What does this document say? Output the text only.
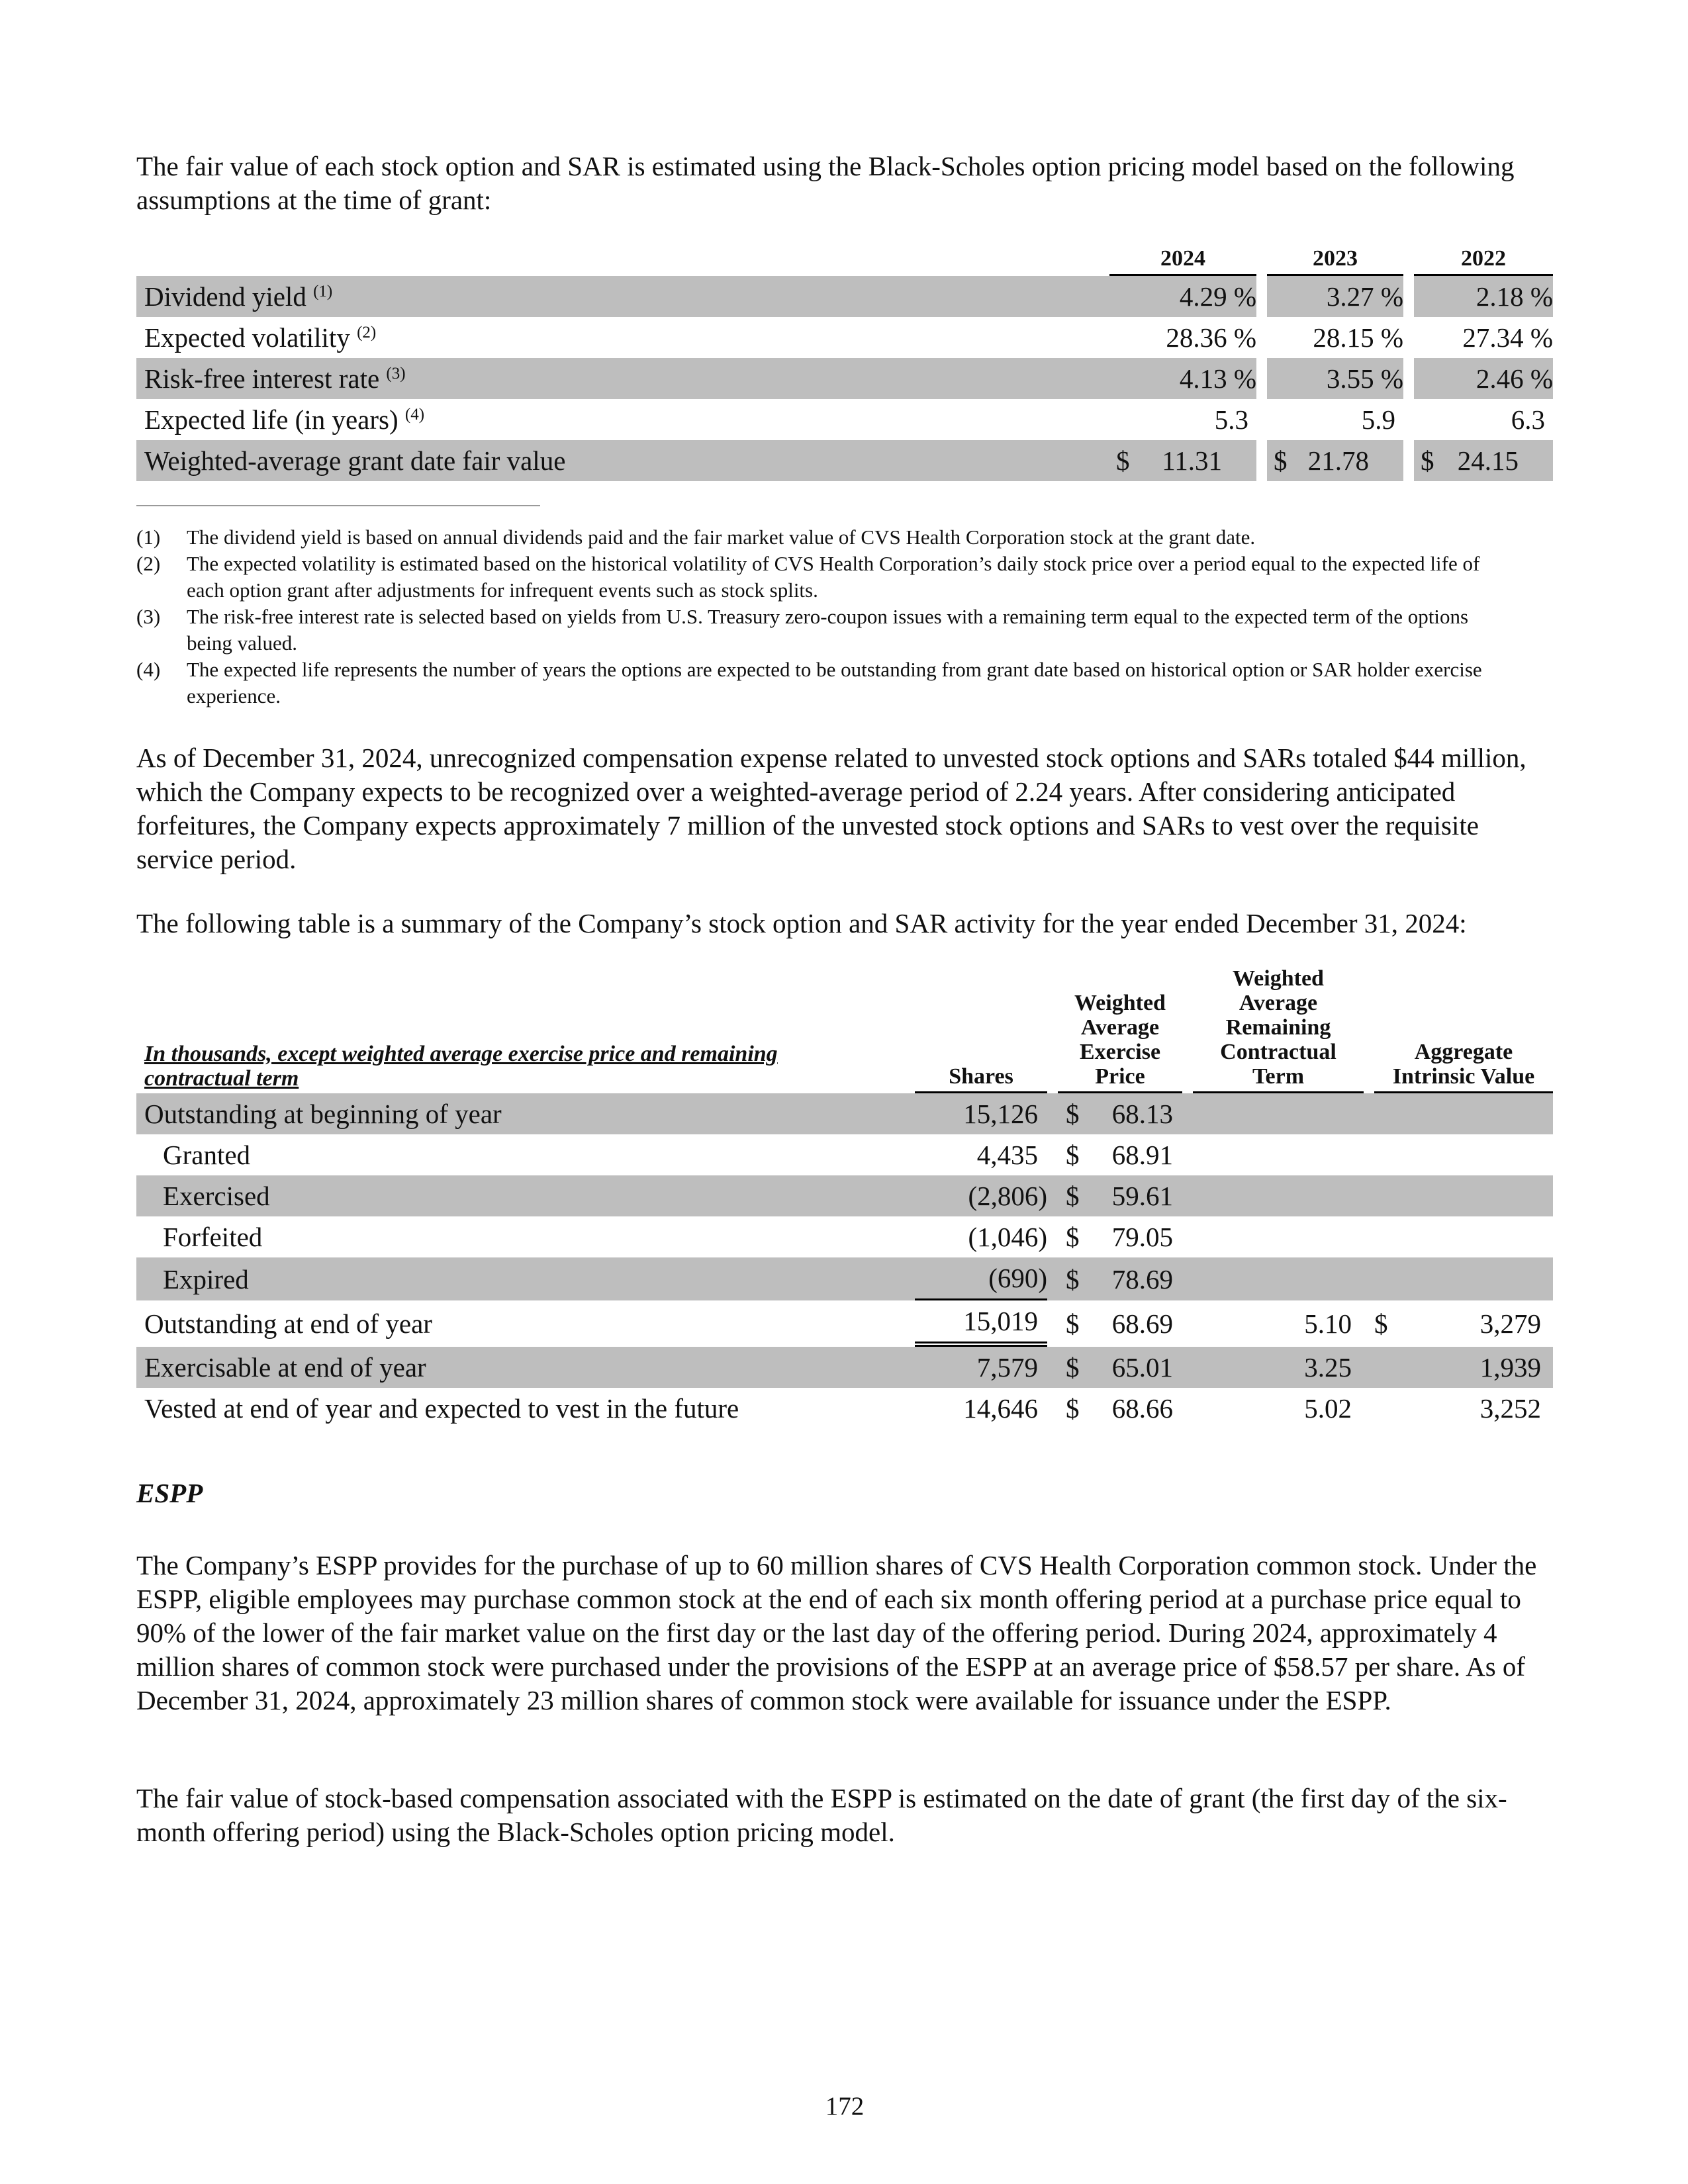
The fair value of each stock option and SAR is estimated using the Black-Scholes option pricing model based on the following assumptions at the time of grant:

	2024		2023		2022
Dividend yield $^{(1)}$	4.29 %		3.27 %		2.18 %
Expected volatility $^{(2)}$	28.36 %		28.15 %		27.34 %
Risk-free interest rate $^{(3)}$	4.13 %		3.55 %		2.46 %
Expected life (in years) $^{(4)}$	5.3		5.9		6.3
Weighted-average grant date fair value	$ 11.31		$ 21.78		$ 24.15
(1) The dividend yield is based on annual dividends paid and the fair market value of CVS Health Corporation stock at the grant date.
(2) The expected volatility is estimated based on the historical volatility of CVS Health Corporation’s daily stock price over a period equal to the expected life of each option grant after adjustments for infrequent events such as stock splits.
(3) The risk-free interest rate is selected based on yields from U.S. Treasury zero-coupon issues with a remaining term equal to the expected term of the options being valued.
(4) The expected life represents the number of years the options are expected to be outstanding from grant date based on historical option or SAR holder exercise experience.

As of December 31, 2024, unrecognized compensation expense related to unvested stock options and SARs totaled $44 million, which the Company expects to be recognized over a weighted-average period of 2.24 years. After considering anticipated forfeitures, the Company expects approximately 7 million of the unvested stock options and SARs to vest over the requisite service period.

The following table is a summary of the Company’s stock option and SAR activity for the year ended December 31, 2024:

In thousands, except weighted average exercise price and remaining contractual term	Shares		Weighted Average Exercise Price		Weighted Average Remaining Contractual Term		Aggregate Intrinsic Value
Outstanding at beginning of year	15,126		$ 68.13				
Granted	4,435		$ 68.91				
Exercised	(2,806)		$ 59.61				
Forfeited	(1,046)		$ 79.05				
Expired	(690)		$ 78.69				
Outstanding at end of year	15,019		$ 68.69		5.10		$ 3,279
Exercisable at end of year	7,579		$ 65.01		3.25		1,939
Vested at end of year and expected to vest in the future	14,646		$ 68.66		5.02		3,252
ESPP

The Company’s ESPP provides for the purchase of up to 60 million shares of CVS Health Corporation common stock. Under the ESPP, eligible employees may purchase common stock at the end of each six month offering period at a purchase price equal to 90% of the lower of the fair market value on the first day or the last day of the offering period. During 2024, approximately 4 million shares of common stock were purchased under the provisions of the ESPP at an average price of $58.57 per share. As of December 31, 2024, approximately 23 million shares of common stock were available for issuance under the ESPP.

The fair value of stock-based compensation associated with the ESPP is estimated on the date of grant (the first day of the six-month offering period) using the Black-Scholes option pricing model.

172
